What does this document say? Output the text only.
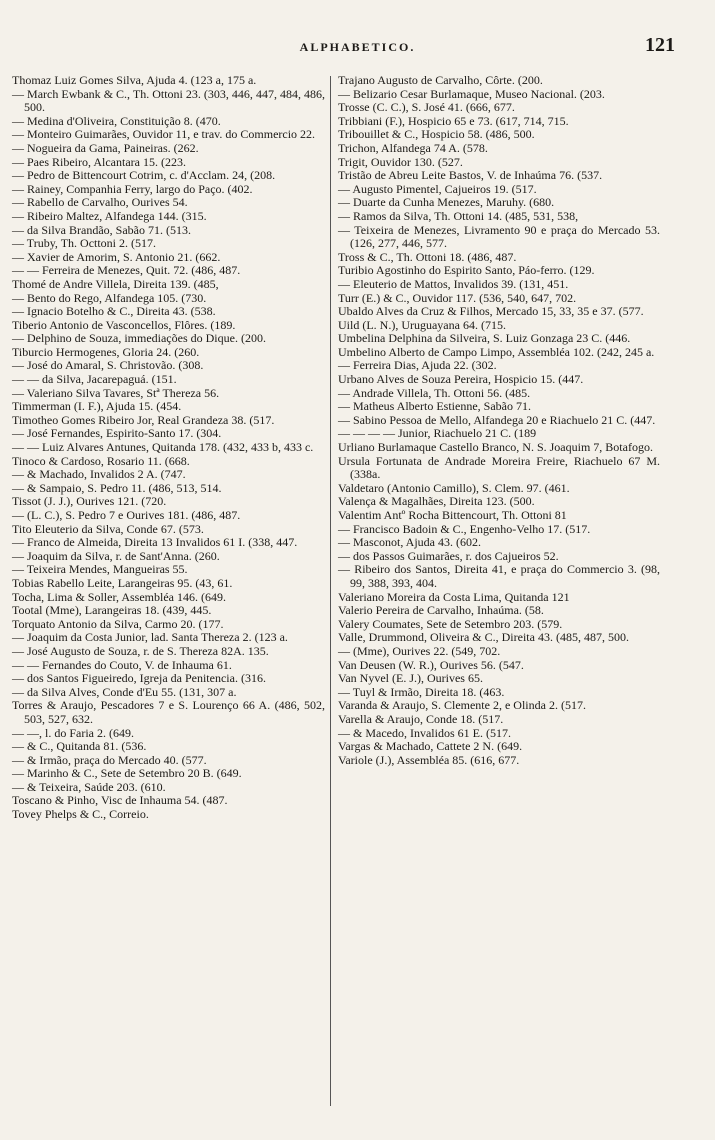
ALPHABETICO.	121
Thomaz Luiz Gomes Silva, Ajuda 4. (123 a, 175 a.
— March Ewbank & C., Th. Ottoni 23. (303, 446, 447, 484, 486, 500.
— Medina d'Oliveira, Constituição 8. (470.
— Monteiro Guimarães, Ouvidor 11, e trav. do Commercio 22.
— Nogueira da Gama, Paineiras. (262.
— Paes Ribeiro, Alcantara 15. (223.
— Pedro de Bittencourt Cotrim, c. d'Acclam. 24, (208.
— Rainey, Companhia Ferry, largo do Paço. (402.
— Rabello de Carvalho, Ourives 54.
— Ribeiro Maltez, Alfandega 144. (315.
— da Silva Brandão, Sabão 71. (513.
— Truby, Th. Octtoni 2. (517.
— Xavier de Amorim, S. Antonio 21. (662.
— — Ferreira de Menezes, Quit. 72. (486, 487.
Thomé de Andre Villela, Direita 139. (485,
— Bento do Rego, Alfandega 105. (730.
— Ignacio Botelho & C., Direita 43. (538.
Tiberio Antonio de Vasconcellos, Flôres. (189.
— Delphino de Souza, immediações do Dique. (200.
Tiburcio Hermogenes, Gloria 24. (260.
— José do Amaral, S. Christovão. (308.
— — da Silva, Jacarepaguá. (151.
— Valeriano Silva Tavares, Stª Thereza 56.
Timmerman (I. F.), Ajuda 15. (454.
Timotheo Gomes Ribeiro Jor, Real Grandeza 38. (517.
— José Fernandes, Espirito-Santo 17. (304.
— — Luiz Alvares Antunes, Quitanda 178. (432, 433 b, 433 c.
Tinoco & Cardoso, Rosario 11. (668.
— & Machado, Invalidos 2 A. (747.
— & Sampaio, S. Pedro 11. (486, 513, 514.
Tissot (J. J.), Ourives 121. (720.
— (L. C.), S. Pedro 7 e Ourives 181. (486, 487.
Tito Eleuterio da Silva, Conde 67. (573.
— Franco de Almeida, Direita 13 Invalidos 61 I. (338, 447.
— Joaquim da Silva, r. de Sant'Anna. (260.
— Teixeira Mendes, Mangueiras 55.
Tobias Rabello Leite, Larangeiras 95. (43, 61.
Tocha, Lima & Soller, Assembléa 146. (649.
Tootal (Mme), Larangeiras 18. (439, 445.
Torquato Antonio da Silva, Carmo 20. (177.
— Joaquim da Costa Junior, lad. Santa Thereza 2. (123 a.
— José Augusto de Souza, r. de S. Thereza 82A. 135.
— — Fernandes do Couto, V. de Inhauma 61.
— dos Santos Figueiredo, Igreja da Penitencia. (316.
— da Silva Alves, Conde d'Eu 55. (131, 307 a.
Torres & Araujo, Pescadores 7 e S. Lourenço 66 A. (486, 502, 503, 527, 632.
— —, l. do Faria 2. (649.
— & C., Quitanda 81. (536.
— & Irmão, praça do Mercado 40. (577.
— Marinho & C., Sete de Setembro 20 B. (649.
— & Teixeira, Saúde 203. (610.
Toscano & Pinho, Visc de Inhauma 54. (487.
Tovey Phelps & C., Correio.
Trajano Augusto de Carvalho, Côrte. (200.
— Belizario Cesar Burlamaque, Museo Nacional. (203.
Trosse (C. C.), S. José 41. (666, 677.
Tribbiani (F.), Hospicio 65 e 73. (617, 714, 715.
Tribouillet & C., Hospicio 58. (486, 500.
Trichon, Alfandega 74 A. (578.
Trigit, Ouvidor 130. (527.
Tristão de Abreu Leite Bastos, V. de Inhaúma 76. (537.
— Augusto Pimentel, Cajueiros 19. (517.
— Duarte da Cunha Menezes, Maruhy. (680.
— Ramos da Silva, Th. Ottoni 14. (485, 531, 538,
— Teixeira de Menezes, Livramento 90 e praça do Mercado 53. (126, 277, 446, 577.
Tross & C., Th. Ottoni 18. (486, 487.
Turibio Agostinho do Espirito Santo, Páo-ferro. (129.
— Eleuterio de Mattos, Invalidos 39. (131, 451.
Turr (E.) & C., Ouvidor 117. (536, 540, 647, 702.
Ubaldo Alves da Cruz & Filhos, Mercado 15, 33, 35 e 37. (577.
Uild (L. N.), Uruguayana 64. (715.
Umbelina Delphina da Silveira, S. Luiz Gonzaga 23 C. (446.
Umbelino Alberto de Campo Limpo, Assembléa 102. (242, 245 a.
— Ferreira Dias, Ajuda 22. (302.
Urbano Alves de Souza Pereira, Hospicio 15. (447.
— Andrade Villela, Th. Ottoni 56. (485.
— Matheus Alberto Estienne, Sabão 71.
— Sabino Pessoa de Mello, Alfandega 20 e Riachuelo 21 C. (447.
— — — — Junior, Riachuelo 21 C. (189
Urliano Burlamaque Castello Branco, N. S. Joaquim 7, Botafogo.
Ursula Fortunata de Andrade Moreira Freire, Riachuelo 67 M. (338a.
Valdetaro (Antonio Camillo), S. Clem. 97. (461.
Valença & Magalhães, Direita 123. (500.
Valentim Antº Rocha Bittencourt, Th. Ottoni 81
— Francisco Badoin & C., Engenho-Velho 17. (517.
— Masconot, Ajuda 43. (602.
— dos Passos Guimarães, r. dos Cajueiros 52.
— Ribeiro dos Santos, Direita 41, e praça do Commercio 3. (98, 99, 388, 393, 404.
Valeriano Moreira da Costa Lima, Quitanda 121
Valerio Pereira de Carvalho, Inhaúma. (58.
Valery Coumates, Sete de Setembro 203. (579.
Valle, Drummond, Oliveira & C., Direita 43. (485, 487, 500.
— (Mme), Ourives 22. (549, 702.
Van Deusen (W. R.), Ourives 56. (547.
Van Nyvel (E. J.), Ourives 65.
— Tuyl & Irmão, Direita 18. (463.
Varanda & Araujo, S. Clemente 2, e Olinda 2. (517.
Varella & Araujo, Conde 18. (517.
— & Macedo, Invalidos 61 E. (517.
Vargas & Machado, Cattete 2 N. (649.
Variole (J.), Assembléa 85. (616, 677.
